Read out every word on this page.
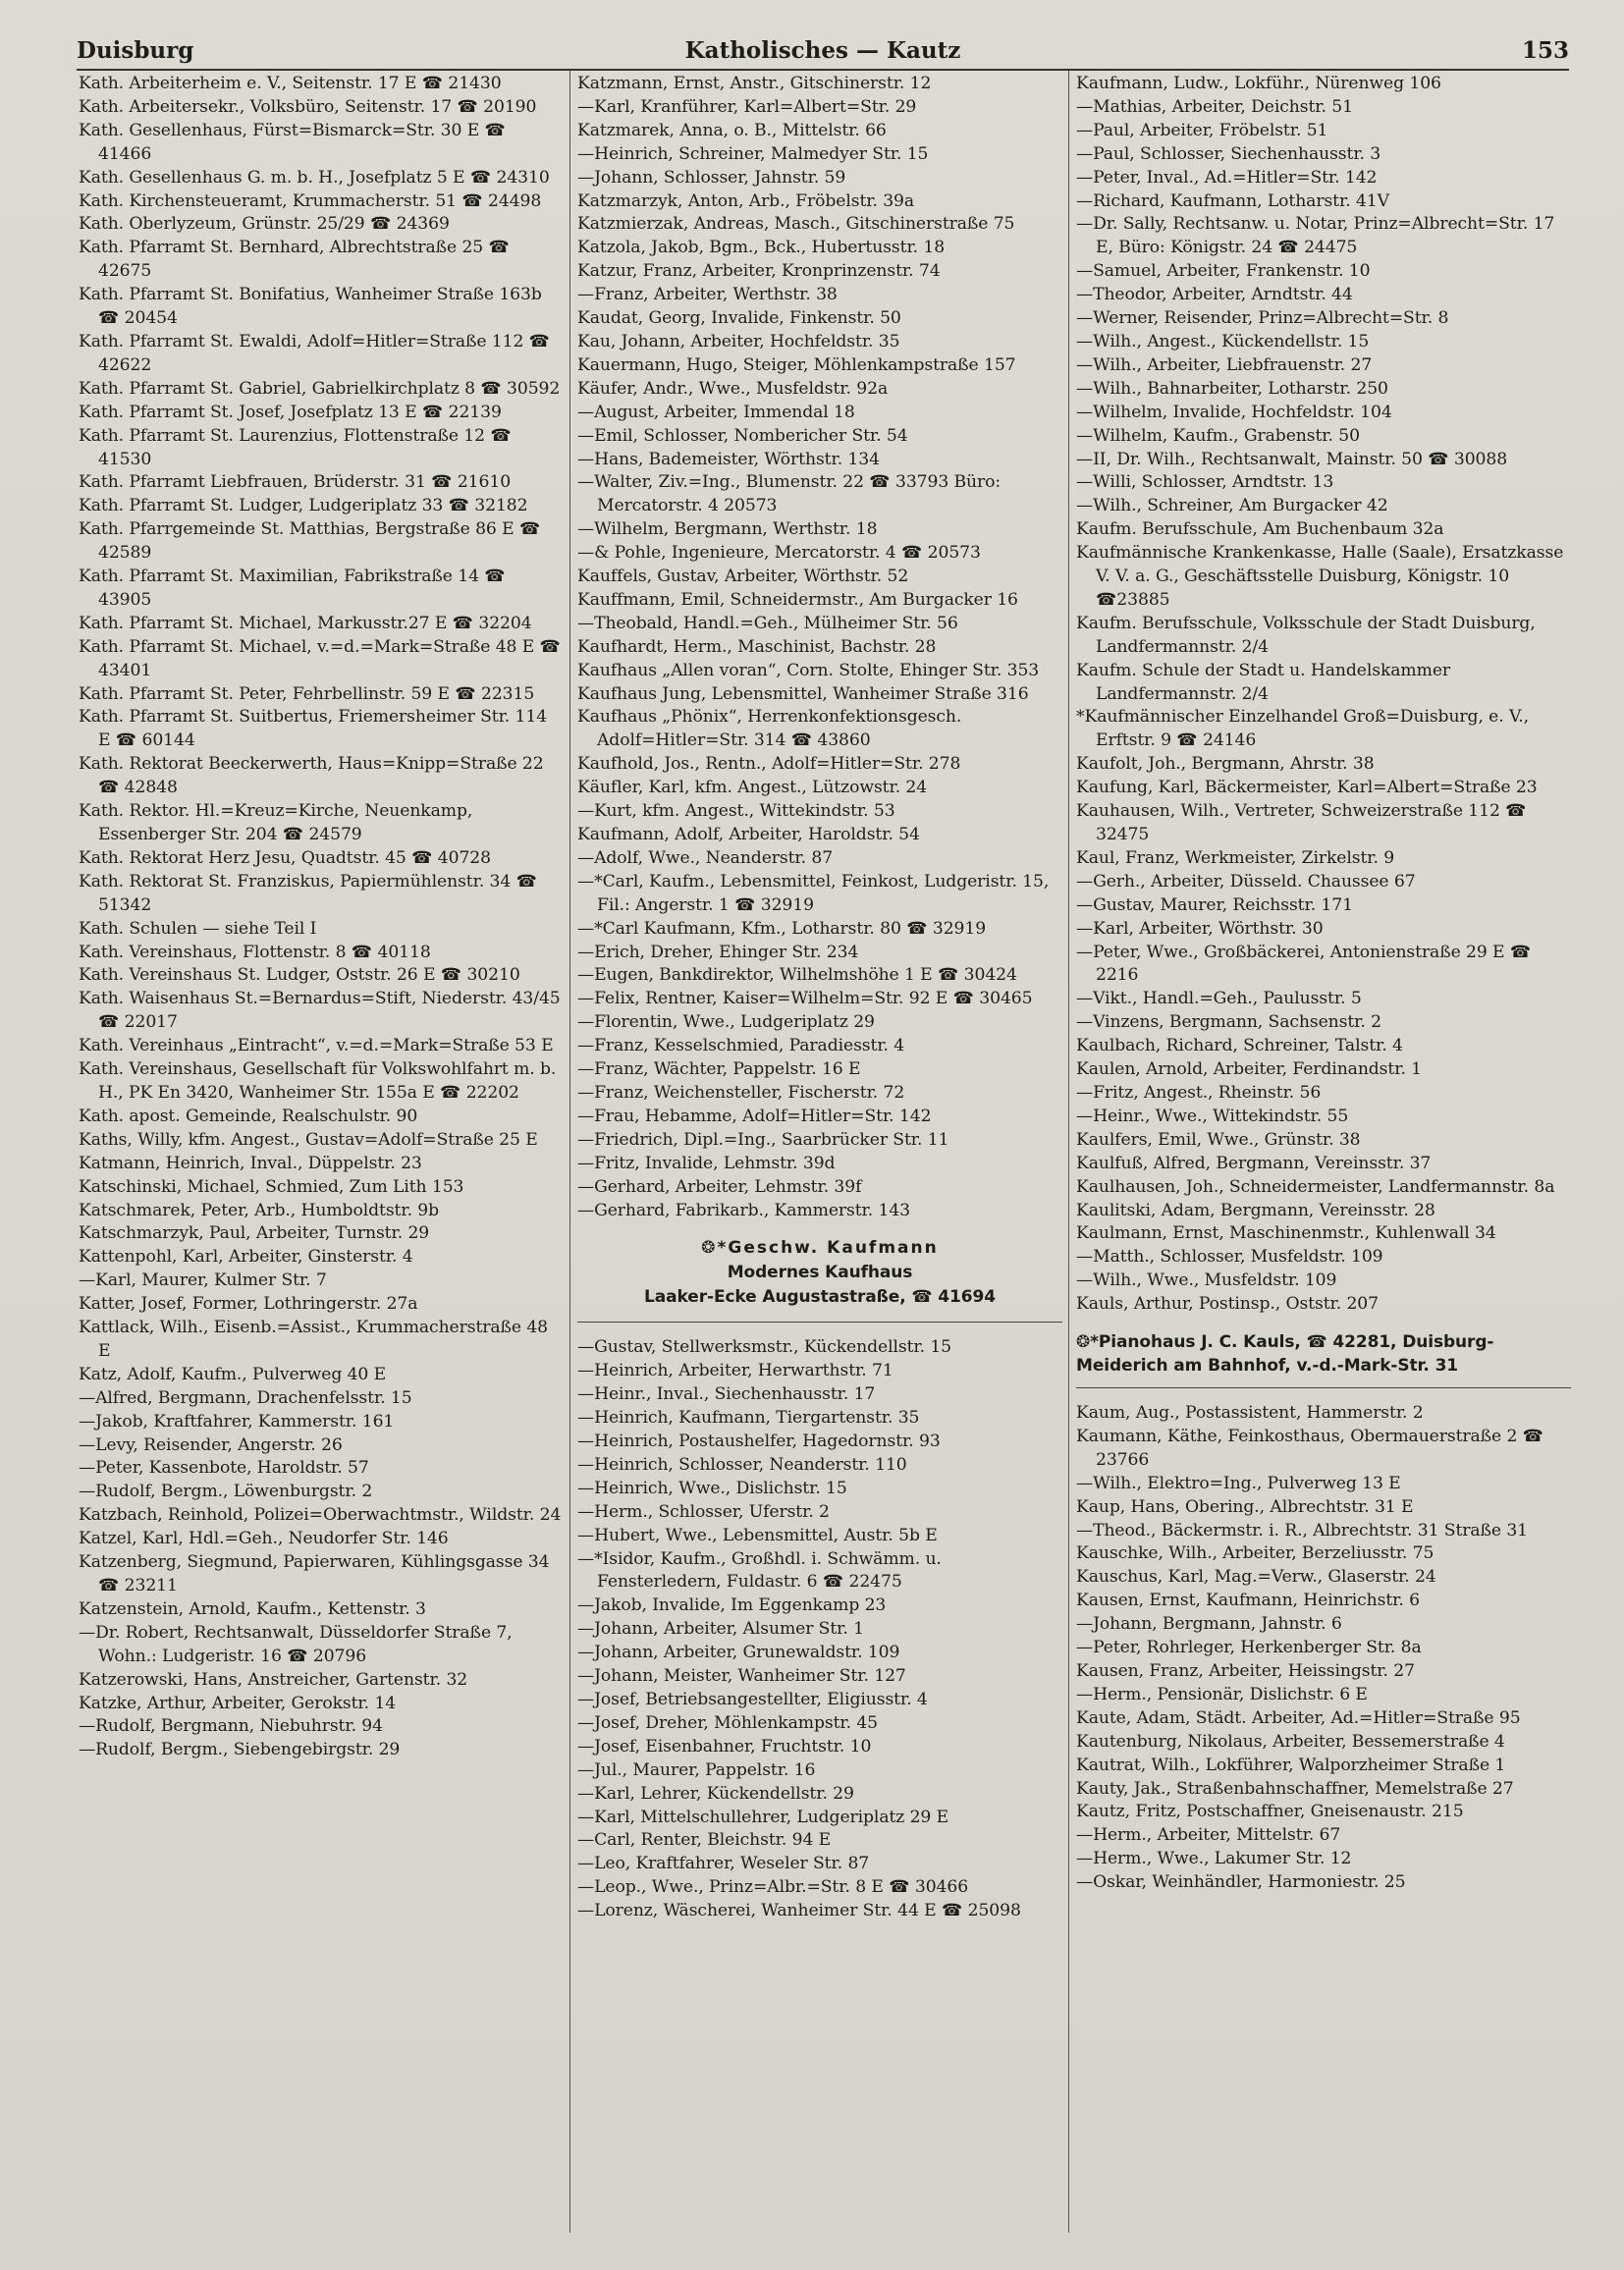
Duisburg	Katholisches — Kautz	153

Kath. Arbeiterheim e. V., Seitenstr. 17 E ☎ 21430

Kath. Arbeitersekr., Volksbüro, Seitenstr. 17 ☎ 20190

Kath. Gesellenhaus, Fürst=Bismarck=Str. 30 E ☎ 41466

Kath. Gesellenhaus G. m. b. H., Josefplatz 5 E ☎ 24310

Kath. Kirchensteueramt, Krummacherstr. 51 ☎ 24498

Kath. Oberlyzeum, Grünstr. 25/29 ☎ 24369

Kath. Pfarramt St. Bernhard, Albrechtstraße 25 ☎ 42675

Kath. Pfarramt St. Bonifatius, Wanheimer Straße 163b ☎ 20454

Kath. Pfarramt St. Ewaldi, Adolf=Hitler=Straße 112 ☎ 42622

Kath. Pfarramt St. Gabriel, Gabrielkirchplatz 8 ☎ 30592

Kath. Pfarramt St. Josef, Josefplatz 13 E ☎ 22139

Kath. Pfarramt St. Laurenzius, Flottenstraße 12 ☎ 41530

Kath. Pfarramt Liebfrauen, Brüderstr. 31 ☎ 21610

Kath. Pfarramt St. Ludger, Ludgeriplatz 33 ☎ 32182

Kath. Pfarrgemeinde St. Matthias, Bergstraße 86 E ☎ 42589

Kath. Pfarramt St. Maximilian, Fabrikstraße 14 ☎ 43905

Kath. Pfarramt St. Michael, Markusstr.27 E ☎ 32204

Kath. Pfarramt St. Michael, v.=d.=Mark=Straße 48 E ☎ 43401

Kath. Pfarramt St. Peter, Fehrbellinstr. 59 E ☎ 22315

Kath. Pfarramt St. Suitbertus, Friemersheimer Str. 114 E ☎ 60144

Kath. Rektorat Beeckerwerth, Haus=Knipp=Straße 22 ☎ 42848

Kath. Rektor. Hl.=Kreuz=Kirche, Neuenkamp, Essenberger Str. 204 ☎ 24579

Kath. Rektorat Herz Jesu, Quadtstr. 45 ☎ 40728

Kath. Rektorat St. Franziskus, Papiermühlenstr. 34 ☎ 51342

Kath. Schulen — siehe Teil I

Kath. Vereinshaus, Flottenstr. 8 ☎ 40118

Kath. Vereinshaus St. Ludger, Oststr. 26 E ☎ 30210

Kath. Waisenhaus St.=Bernardus=Stift, Niederstr. 43/45 ☎ 22017

Kath. Vereinhaus „Eintracht“, v.=d.=Mark=Straße 53 E

Kath. Vereinshaus, Gesellschaft für Volkswohlfahrt m. b. H., PK En 3420, Wanheimer Str. 155a E ☎ 22202

Kath. apost. Gemeinde, Realschulstr. 90

Kaths, Willy, kfm. Angest., Gustav=Adolf=Straße 25 E

Katmann, Heinrich, Inval., Düppelstr. 23

Katschinski, Michael, Schmied, Zum Lith 153

Katschmarek, Peter, Arb., Humboldtstr. 9b

Katschmarzyk, Paul, Arbeiter, Turnstr. 29

Kattenpohl, Karl, Arbeiter, Ginsterstr. 4

—Karl, Maurer, Kulmer Str. 7

Katter, Josef, Former, Lothringerstr. 27a

Kattlack, Wilh., Eisenb.=Assist., Krummacherstraße 48 E

Katz, Adolf, Kaufm., Pulverweg 40 E

—Alfred, Bergmann, Drachenfelsstr. 15

—Jakob, Kraftfahrer, Kammerstr. 161

—Levy, Reisender, Angerstr. 26

—Peter, Kassenbote, Haroldstr. 57

—Rudolf, Bergm., Löwenburgstr. 2

Katzbach, Reinhold, Polizei=Oberwachtmstr., Wildstr. 24

Katzel, Karl, Hdl.=Geh., Neudorfer Str. 146

Katzenberg, Siegmund, Papierwaren, Kühlingsgasse 34 ☎ 23211

Katzenstein, Arnold, Kaufm., Kettenstr. 3

—Dr. Robert, Rechtsanwalt, Düsseldorfer Straße 7, Wohn.: Ludgeristr. 16 ☎ 20796

Katzerowski, Hans, Anstreicher, Gartenstr. 32

Katzke, Arthur, Arbeiter, Gerokstr. 14

—Rudolf, Bergmann, Niebuhrstr. 94

—Rudolf, Bergm., Siebengebirgstr. 29

Katzmann, Ernst, Anstr., Gitschinerstr. 12

—Karl, Kranführer, Karl=Albert=Str. 29

Katzmarek, Anna, o. B., Mittelstr. 66

—Heinrich, Schreiner, Malmedyer Str. 15

—Johann, Schlosser, Jahnstr. 59

Katzmarzyk, Anton, Arb., Fröbelstr. 39a

Katzmierzak, Andreas, Masch., Gitschinerstraße 75

Katzola, Jakob, Bgm., Bck., Hubertusstr. 18

Katzur, Franz, Arbeiter, Kronprinzenstr. 74

—Franz, Arbeiter, Werthstr. 38

Kaudat, Georg, Invalide, Finkenstr. 50

Kau, Johann, Arbeiter, Hochfeldstr. 35

Kauermann, Hugo, Steiger, Möhlenkampstraße 157

Käufer, Andr., Wwe., Musfeldstr. 92a

—August, Arbeiter, Immendal 18

—Emil, Schlosser, Nombericher Str. 54

—Hans, Bademeister, Wörthstr. 134

—Walter, Ziv.=Ing., Blumenstr. 22 ☎ 33793 Büro: Mercatorstr. 4 20573

—Wilhelm, Bergmann, Werthstr. 18

—& Pohle, Ingenieure, Mercatorstr. 4 ☎ 20573

Kauffels, Gustav, Arbeiter, Wörthstr. 52

Kauffmann, Emil, Schneidermstr., Am Burgacker 16

—Theobald, Handl.=Geh., Mülheimer Str. 56

Kaufhardt, Herm., Maschinist, Bachstr. 28

Kaufhaus „Allen voran“, Corn. Stolte, Ehinger Str. 353

Kaufhaus Jung, Lebensmittel, Wanheimer Straße 316

Kaufhaus „Phönix“, Herrenkonfektionsgesch. Adolf=Hitler=Str. 314 ☎ 43860

Kaufhold, Jos., Rentn., Adolf=Hitler=Str. 278

Käufler, Karl, kfm. Angest., Lützowstr. 24

—Kurt, kfm. Angest., Wittekindstr. 53

Kaufmann, Adolf, Arbeiter, Haroldstr. 54

—Adolf, Wwe., Neanderstr. 87

—*Carl, Kaufm., Lebensmittel, Feinkost, Ludgeristr. 15, Fil.: Angerstr. 1 ☎ 32919

—*Carl Kaufmann, Kfm., Lotharstr. 80 ☎ 32919

—Erich, Dreher, Ehinger Str. 234

—Eugen, Bankdirektor, Wilhelmshöhe 1 E ☎ 30424

—Felix, Rentner, Kaiser=Wilhelm=Str. 92 E ☎ 30465

—Florentin, Wwe., Ludgeriplatz 29

—Franz, Kesselschmied, Paradiesstr. 4

—Franz, Wächter, Pappelstr. 16 E

—Franz, Weichensteller, Fischerstr. 72

—Frau, Hebamme, Adolf=Hitler=Str. 142

—Friedrich, Dipl.=Ing., Saarbrücker Str. 11

—Fritz, Invalide, Lehmstr. 39d

—Gerhard, Arbeiter, Lehmstr. 39f

—Gerhard, Fabrikarb., Kammerstr. 143

❂*Geschw. Kaufmann
Modernes Kaufhaus
Laaker-Ecke Augustastraße, ☎ 41694

—Gustav, Stellwerksmstr., Kückendellstr. 15

—Heinrich, Arbeiter, Herwarthstr. 71

—Heinr., Inval., Siechenhausstr. 17

—Heinrich, Kaufmann, Tiergartenstr. 35

—Heinrich, Postaushelfer, Hagedornstr. 93

—Heinrich, Schlosser, Neanderstr. 110

—Heinrich, Wwe., Dislichstr. 15

—Herm., Schlosser, Uferstr. 2

—Hubert, Wwe., Lebensmittel, Austr. 5b E

—*Isidor, Kaufm., Großhdl. i. Schwämm. u. Fensterledern, Fuldastr. 6 ☎ 22475

—Jakob, Invalide, Im Eggenkamp 23

—Johann, Arbeiter, Alsumer Str. 1

—Johann, Arbeiter, Grunewaldstr. 109

—Johann, Meister, Wanheimer Str. 127

—Josef, Betriebsangestellter, Eligiusstr. 4

—Josef, Dreher, Möhlenkampstr. 45

—Josef, Eisenbahner, Fruchtstr. 10

—Jul., Maurer, Pappelstr. 16

—Karl, Lehrer, Kückendellstr. 29

—Karl, Mittelschullehrer, Ludgeriplatz 29 E

—Carl, Renter, Bleichstr. 94 E

—Leo, Kraftfahrer, Weseler Str. 87

—Leop., Wwe., Prinz=Albr.=Str. 8 E ☎ 30466

—Lorenz, Wäscherei, Wanheimer Str. 44 E ☎ 25098

Kaufmann, Ludw., Lokführ., Nürenweg 106

—Mathias, Arbeiter, Deichstr. 51

—Paul, Arbeiter, Fröbelstr. 51

—Paul, Schlosser, Siechenhausstr. 3

—Peter, Inval., Ad.=Hitler=Str. 142

—Richard, Kaufmann, Lotharstr. 41V

—Dr. Sally, Rechtsanw. u. Notar, Prinz=Albrecht=Str. 17 E, Büro: Königstr. 24 ☎ 24475

—Samuel, Arbeiter, Frankenstr. 10

—Theodor, Arbeiter, Arndtstr. 44

—Werner, Reisender, Prinz=Albrecht=Str. 8

—Wilh., Angest., Kückendellstr. 15

—Wilh., Arbeiter, Liebfrauenstr. 27

—Wilh., Bahnarbeiter, Lotharstr. 250

—Wilhelm, Invalide, Hochfeldstr. 104

—Wilhelm, Kaufm., Grabenstr. 50

—II, Dr. Wilh., Rechtsanwalt, Mainstr. 50 ☎ 30088

—Willi, Schlosser, Arndtstr. 13

—Wilh., Schreiner, Am Burgacker 42

Kaufm. Berufsschule, Am Buchenbaum 32a

Kaufmännische Krankenkasse, Halle (Saale), Ersatzkasse V. V. a. G., Geschäftsstelle Duisburg, Königstr. 10 ☎23885

Kaufm. Berufsschule, Volksschule der Stadt Duisburg, Landfermannstr. 2/4

Kaufm. Schule der Stadt u. Handelskammer Landfermannstr. 2/4

*Kaufmännischer Einzelhandel Groß=Duisburg, e. V., Erftstr. 9 ☎ 24146

Kaufolt, Joh., Bergmann, Ahrstr. 38

Kaufung, Karl, Bäckermeister, Karl=Albert=Straße 23

Kauhausen, Wilh., Vertreter, Schweizerstraße 112 ☎ 32475

Kaul, Franz, Werkmeister, Zirkelstr. 9

—Gerh., Arbeiter, Düsseld. Chaussee 67

—Gustav, Maurer, Reichsstr. 171

—Karl, Arbeiter, Wörthstr. 30

—Peter, Wwe., Großbäckerei, Antonienstraße 29 E ☎ 2216

—Vikt., Handl.=Geh., Paulusstr. 5

—Vinzens, Bergmann, Sachsenstr. 2

Kaulbach, Richard, Schreiner, Talstr. 4

Kaulen, Arnold, Arbeiter, Ferdinandstr. 1

—Fritz, Angest., Rheinstr. 56

—Heinr., Wwe., Wittekindstr. 55

Kaulfers, Emil, Wwe., Grünstr. 38

Kaulfuß, Alfred, Bergmann, Vereinsstr. 37

Kaulhausen, Joh., Schneidermeister, Landfermannstr. 8a

Kaulitski, Adam, Bergmann, Vereinsstr. 28

Kaulmann, Ernst, Maschinenmstr., Kuhlenwall 34

—Matth., Schlosser, Musfeldstr. 109

—Wilh., Wwe., Musfeldstr. 109

Kauls, Arthur, Postinsp., Oststr. 207

❂*Pianohaus J. C. Kauls, ☎ 42281, Duisburg-Meiderich am Bahnhof, v.-d.-Mark-Str. 31

Kaum, Aug., Postassistent, Hammerstr. 2

Kaumann, Käthe, Feinkosthaus, Obermauerstraße 2 ☎ 23766

—Wilh., Elektro=Ing., Pulverweg 13 E

Kaup, Hans, Obering., Albrechtstr. 31 E

—Theod., Bäckermstr. i. R., Albrechtstr. 31 Straße 31

Kauschke, Wilh., Arbeiter, Berzeliusstr. 75

Kauschus, Karl, Mag.=Verw., Glaserstr. 24

Kausen, Ernst, Kaufmann, Heinrichstr. 6

—Johann, Bergmann, Jahnstr. 6

—Peter, Rohrleger, Herkenberger Str. 8a

Kausen, Franz, Arbeiter, Heissingstr. 27

—Herm., Pensionär, Dislichstr. 6 E

Kaute, Adam, Städt. Arbeiter, Ad.=Hitler=Straße 95

Kautenburg, Nikolaus, Arbeiter, Bessemerstraße 4

Kautrat, Wilh., Lokführer, Walporzheimer Straße 1

Kauty, Jak., Straßenbahnschaffner, Memelstraße 27

Kautz, Fritz, Postschaffner, Gneisenaustr. 215

—Herm., Arbeiter, Mittelstr. 67

—Herm., Wwe., Lakumer Str. 12

—Oskar, Weinhändler, Harmoniestr. 25
